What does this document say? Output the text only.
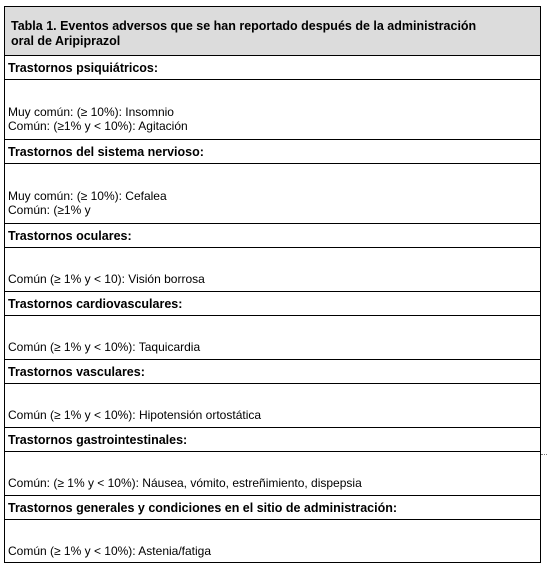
Tabla 1. Eventos adversos que se han reportado después de la administración
oral de Aripiprazol
Trastornos psiquiátricos:
Muy común: (≥ 10%): Insomnio
Común: (≥1% y < 10%): Agitación
Trastornos del sistema nervioso:
Muy común: (≥ 10%): Cefalea
Común: (≥1% y
Trastornos oculares:
Común (≥ 1% y < 10): Visión borrosa
Trastornos cardiovasculares:
Común (≥ 1% y < 10%): Taquicardia
Trastornos vasculares:
Común (≥ 1% y < 10%): Hipotensión ortostática
Trastornos gastrointestinales:
Común: (≥ 1% y < 10%): Náusea, vómito, estreñimiento, dispepsia
Trastornos generales y condiciones en el sitio de administración:
Común (≥ 1% y < 10%): Astenia/fatiga
